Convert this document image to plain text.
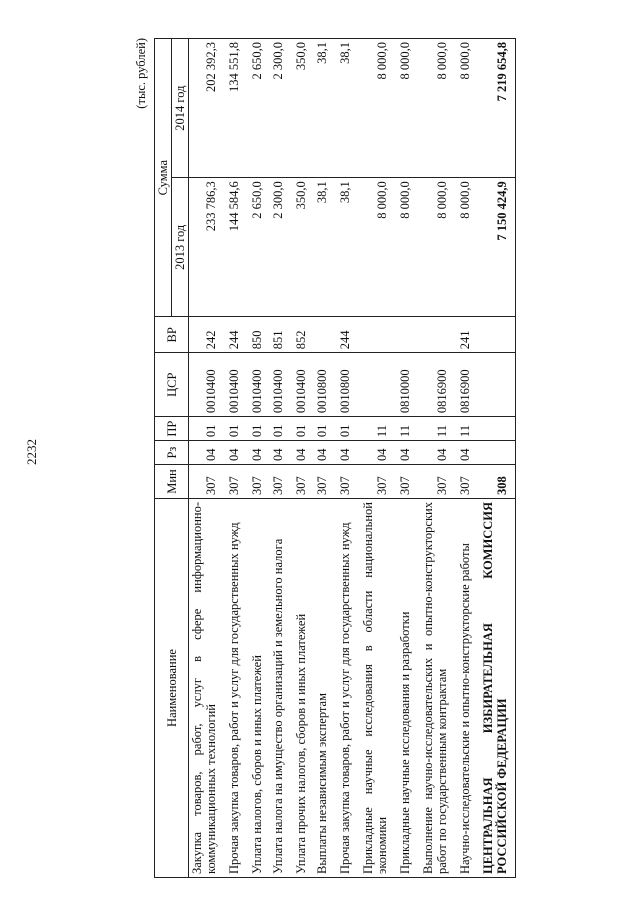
2232
(тыс. рублей)
Наименование	Мин	Рз	ПР	ЦСР	ВР	Сумма	
						2013 год	2014 год
Закупка товаров, работ, услуг в сфере информационно-коммуникационных технологий	307	04	01	0010400	242	233 786,3	202 392,3
Прочая закупка товаров, работ и услуг для государственных нужд	307	04	01	0010400	244	144 584,6	134 551,8
Уплата налогов, сборов и иных платежей	307	04	01	0010400	850	2 650,0	2 650,0
Уплата налога на имущество организаций и земельного налога	307	04	01	0010400	851	2 300,0	2 300,0
Уплата прочих налогов, сборов и иных платежей	307	04	01	0010400	852	350,0	350,0
Выплаты независимым экспертам	307	04	01	0010800		38,1	38,1
Прочая закупка товаров, работ и услуг для государственных нужд	307	04	01	0010800	244	38,1	38,1
Прикладные научные исследования в области национальной экономики	307	04	11			8 000,0	8 000,0
Прикладные научные исследования и разработки	307	04	11	0810000		8 000,0	8 000,0
Выполнение научно-исследовательских и опытно-конструкторских работ по государственным контрактам	307	04	11	0816900		8 000,0	8 000,0
Научно-исследовательские и опытно-конструкторские работы	307	04	11	0816900	241	8 000,0	8 000,0
ЦЕНТРАЛЬНАЯ ИЗБИРАТЕЛЬНАЯ КОМИССИЯ РОССИЙСКОЙ ФЕДЕРАЦИИ	308					7 150 424,9	7 219 654,8
